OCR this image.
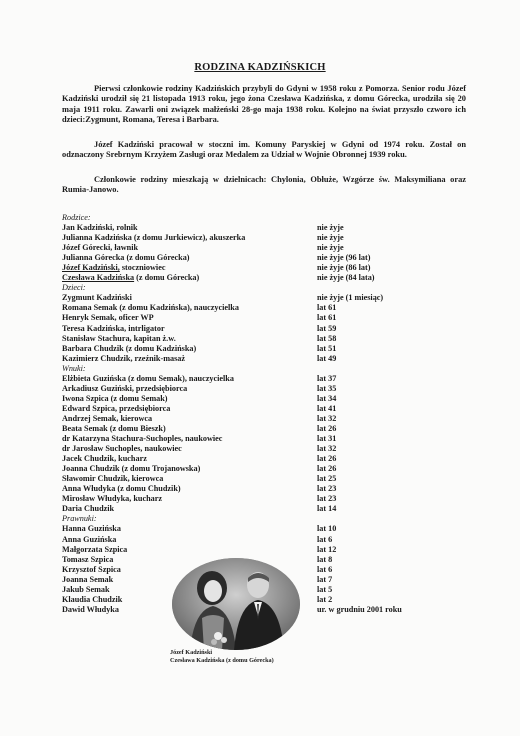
RODZINA KADZIŃSKICH
Pierwsi członkowie rodziny Kadzińskich przybyli do Gdyni w 1958 roku z Pomorza. Senior rodu Józef Kadziński urodził się 21 listopada 1913 roku, jego żona Czesława Kadzińska, z domu Górecka, urodziła się 20 maja 1911 roku. Zawarli oni związek małżeński 28-go maja 1938 roku. Kolejno na świat przyszło czworo ich dzieci:Zygmunt, Romana, Teresa i Barbara.
Józef Kadziński pracował w stoczni im. Komuny Paryskiej w Gdyni od 1974 roku. Został on odznaczony Srebrnym Krzyżem Zasługi oraz Medalem za Udział w Wojnie Obronnej 1939 roku.
Członkowie rodziny mieszkają w dzielnicach: Chylonia, Obłuże, Wzgórze św. Maksymiliana oraz Rumia-Janowo.
Rodzice:
Jan Kadziński, rolnik	nie żyje
Julianna Kadzińska (z domu Jurkiewicz), akuszerka	nie żyje
Józef Górecki, ławnik	nie żyje
Julianna Górecka (z domu Górecka)	nie żyje (96 lat)
Józef Kadziński, stoczniowiec	nie żyje (86 lat)
Czesława Kadzińska (z domu Górecka)	nie żyje (84 lata)
Dzieci:
Zygmunt Kadziński	nie żyje (1 miesiąc)
Romana Semak (z domu Kadzińska), nauczycielka	lat 61
Henryk Semak, oficer WP	lat 61
Teresa Kadzińska, intrligator	lat 59
Stanisław Stachura, kapitan ż.w.	lat 58
Barbara Chudzik (z domu Kadzińska)	lat 51
Kazimierz Chudzik, rzeźnik-masaż	lat 49
Wnuki:
Elżbieta Guzińska (z domu Semak), nauczycielka	lat 37
Arkadiusz Guziński, przedsiębiorca	lat 35
Iwona Szpica (z domu Semak)	lat 34
Edward Szpica, przedsiębiorca	lat 41
Andrzej Semak, kierowca	lat 32
Beata Semak (z domu Bieszk)	lat 26
dr Katarzyna Stachura-Suchoples, naukowiec	lat 31
dr Jarosław Suchoples, naukowiec	lat 32
Jacek Chudzik, kucharz	lat 26
Joanna Chudzik (z domu Trojanowska)	lat 26
Sławomir Chudzik, kierowca	lat 25
Anna Włudyka (z domu Chudzik)	lat 23
Mirosław Włudyka, kucharz	lat 23
Daria Chudzik	lat 14
Prawnuki:
Hanna Guzińska	lat 10
Anna Guzińska	lat 6
Małgorzata Szpica	lat 12
Tomasz Szpica	lat 8
Krzysztof Szpica	lat 6
Joanna Semak	lat 7
Jakub Semak	lat 5
Klaudia Chudzik	lat 2
Dawid Włudyka	ur. w grudniu 2001 roku
Józef Kadziński
Czesława Kadzińska (z domu Górecka)
